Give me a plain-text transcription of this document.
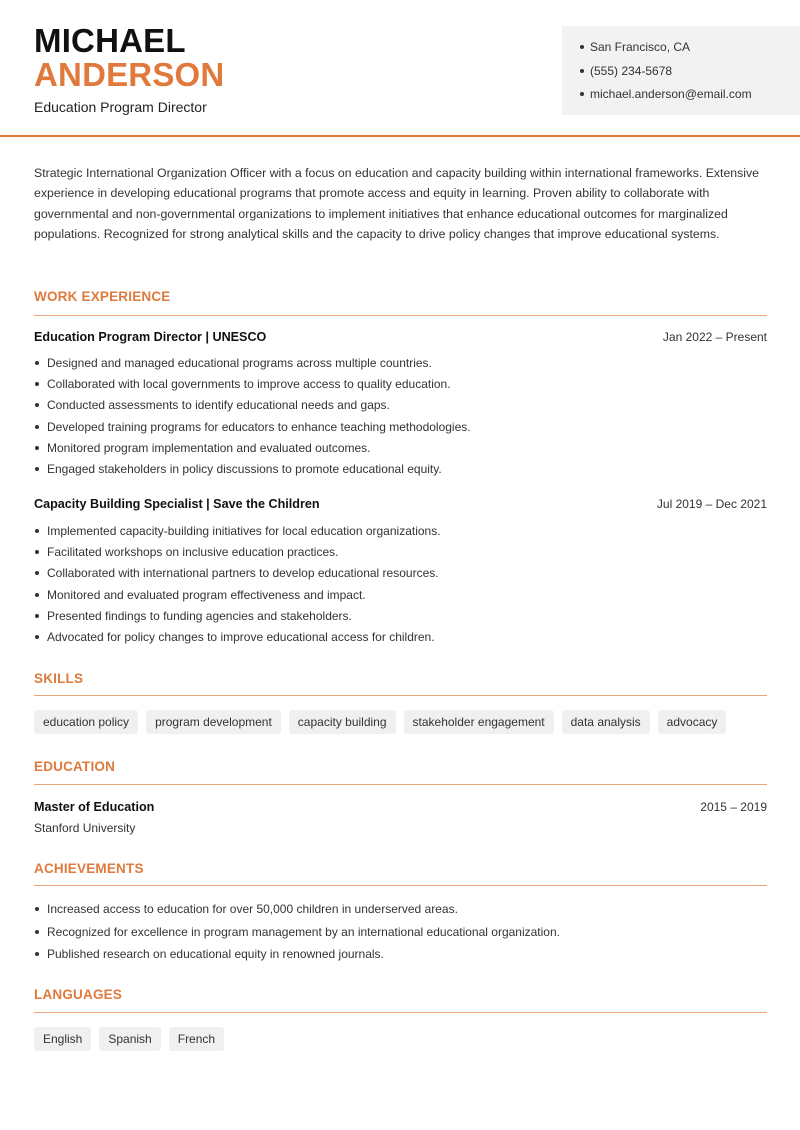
MICHAEL
ANDERSON
Education Program Director
San Francisco, CA
(555) 234-5678
michael.anderson@email.com
Strategic International Organization Officer with a focus on education and capacity building within international frameworks. Extensive experience in developing educational programs that promote access and equity in learning. Proven ability to collaborate with governmental and non-governmental organizations to implement initiatives that enhance educational outcomes for marginalized populations. Recognized for strong analytical skills and the capacity to drive policy changes that improve educational systems.
WORK EXPERIENCE
Education Program Director | UNESCO	Jan 2022 – Present
Designed and managed educational programs across multiple countries.
Collaborated with local governments to improve access to quality education.
Conducted assessments to identify educational needs and gaps.
Developed training programs for educators to enhance teaching methodologies.
Monitored program implementation and evaluated outcomes.
Engaged stakeholders in policy discussions to promote educational equity.
Capacity Building Specialist | Save the Children	Jul 2019 – Dec 2021
Implemented capacity-building initiatives for local education organizations.
Facilitated workshops on inclusive education practices.
Collaborated with international partners to develop educational resources.
Monitored and evaluated program effectiveness and impact.
Presented findings to funding agencies and stakeholders.
Advocated for policy changes to improve educational access for children.
SKILLS
education policy	program development	capacity building	stakeholder engagement	data analysis	advocacy
EDUCATION
Master of Education	2015 – 2019
Stanford University
ACHIEVEMENTS
Increased access to education for over 50,000 children in underserved areas.
Recognized for excellence in program management by an international educational organization.
Published research on educational equity in renowned journals.
LANGUAGES
English	Spanish	French
